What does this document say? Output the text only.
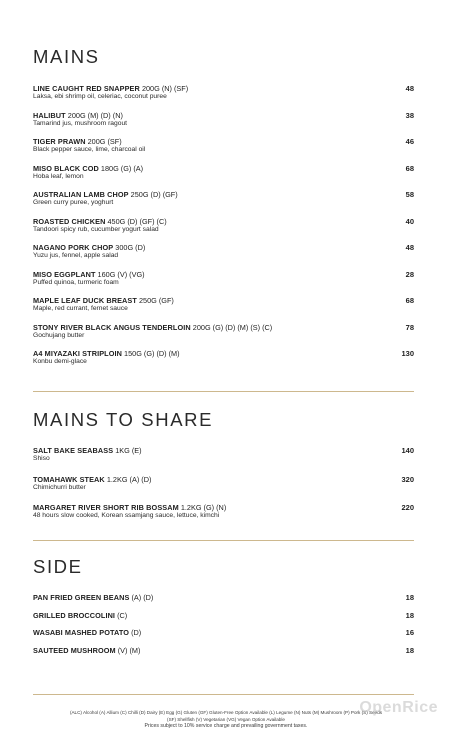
MAINS
LINE CAUGHT RED SNAPPER 200G (N) (SF)
Laksa, ebi shrimp oil, celeriac, coconut puree
48
HALIBUT 200G (M) (D) (N)
Tamarind jus, mushroom ragout
38
TIGER PRAWN 200G (SF)
Black pepper sauce, lime, charcoal oil
46
MISO BLACK COD 180G (G) (A)
Hoba leaf, lemon
68
AUSTRALIAN LAMB CHOP 250G (D) (GF)
Green curry puree, yoghurt
58
ROASTED CHICKEN 450G (D) (GF) (C)
Tandoori spicy rub, cucumber yogurt salad
40
NAGANO PORK CHOP 300G (D)
Yuzu jus, fennel, apple salad
48
MISO EGGPLANT 160G (V) (VG)
Puffed quinoa, turmeric foam
28
MAPLE LEAF DUCK BREAST 250G (GF)
Maple, red currant, fernet sauce
68
STONY RIVER BLACK ANGUS TENDERLOIN 200G (G) (D) (M) (S) (C)
Gochujang butter
78
A4 MIYAZAKI STRIPLOIN 150G (G) (D) (M)
Konbu demi-glace
130
MAINS TO SHARE
SALT BAKE SEABASS 1KG (E)
Shiso
140
TOMAHAWK STEAK 1.2KG (A) (D)
Chimichurri butter
320
MARGARET RIVER SHORT RIB BOSSAM 1.2KG (G) (N)
48 hours slow cooked, Korean ssamjang sauce, lettuce, kimchi
220
SIDE
PAN FRIED GREEN BEANS (A) (D)	18
GRILLED BROCCOLINI (C)	18
WASABI MASHED POTATO (D)	16
SAUTEED MUSHROOM (V) (M)	18
(ALC) Alcohol (A) Allium (C) Chilli (D) Dairy (E) Egg (G) Gluten (GF) Gluten-Free Option Available (L) Legume (N) Nuts (M) Mushroom (P) Pork (S) Seeds
(SF) Shellfish (V) Vegetarian (VG) Vegan Option Available
Prices subject to 10% service charge and prevailing government taxes.
OpenRice
